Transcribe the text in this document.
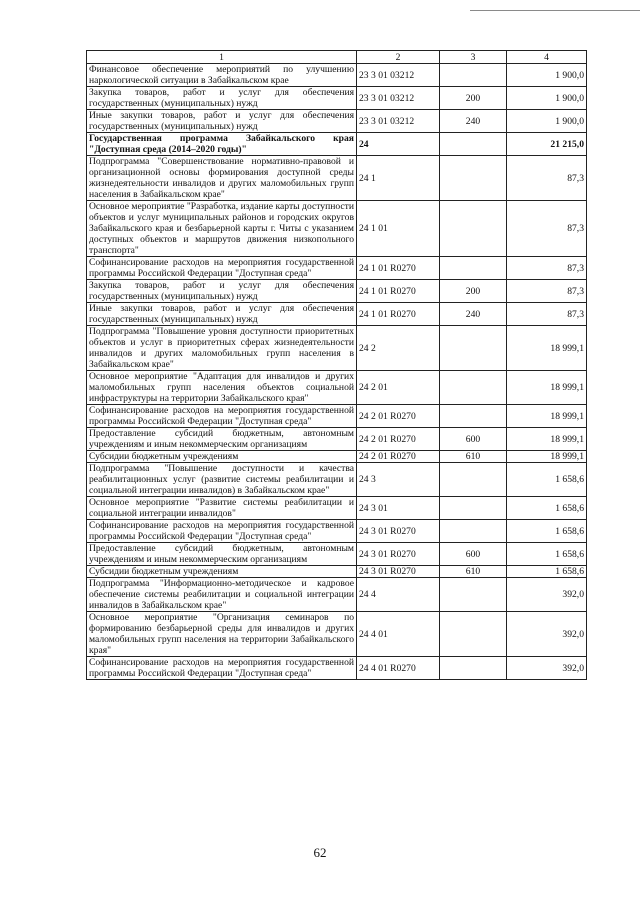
1	2	3	4
Финансовое обеспечение мероприятий по улучшению наркологической ситуации в Забайкальском крае	23 3 01 03212		1 900,0
Закупка товаров, работ и услуг для обеспечения государственных (муниципальных) нужд	23 3 01 03212	200	1 900,0
Иные закупки товаров, работ и услуг для обеспечения государственных (муниципальных) нужд	23 3 01 03212	240	1 900,0
Государственная программа Забайкальского края "Доступная среда (2014–2020 годы)"	24		21 215,0
Подпрограмма "Совершенствование нормативно-правовой и организационной основы формирования доступной среды жизнедеятельности инвалидов и других маломобильных групп населения в Забайкальском крае"	24 1		87,3
Основное мероприятие "Разработка, издание карты доступности объектов и услуг муниципальных районов и городских округов Забайкальского края и безбарьерной карты г. Читы с указанием доступных объектов и маршрутов движения низкопольного транспорта"	24 1 01		87,3
Софинансирование расходов на мероприятия государственной программы Российской Федерации "Доступная среда"	24 1 01 R0270		87,3
Закупка товаров, работ и услуг для обеспечения государственных (муниципальных) нужд	24 1 01 R0270	200	87,3
Иные закупки товаров, работ и услуг для обеспечения государственных (муниципальных) нужд	24 1 01 R0270	240	87,3
Подпрограмма "Повышение уровня доступности приоритетных объектов и услуг в приоритетных сферах жизнедеятельности инвалидов и других маломобильных групп населения в Забайкальском крае"	24 2		18 999,1
Основное мероприятие "Адаптация для инвалидов и других маломобильных групп населения объектов социальной инфраструктуры на территории Забайкальского края"	24 2 01		18 999,1
Софинансирование расходов на мероприятия государственной программы Российской Федерации "Доступная среда"	24 2 01 R0270		18 999,1
Предоставление субсидий бюджетным, автономным учреждениям и иным некоммерческим организациям	24 2 01 R0270	600	18 999,1
Субсидии бюджетным учреждениям	24 2 01 R0270	610	18 999,1
Подпрограмма "Повышение доступности и качества реабилитационных услуг (развитие системы реабилитации и социальной интеграции инвалидов) в Забайкальском крае"	24 3		1 658,6
Основное мероприятие "Развитие системы реабилитации и социальной интеграции инвалидов"	24 3 01		1 658,6
Софинансирование расходов на мероприятия государственной программы Российской Федерации "Доступная среда"	24 3 01 R0270		1 658,6
Предоставление субсидий бюджетным, автономным учреждениям и иным некоммерческим организациям	24 3 01 R0270	600	1 658,6
Субсидии бюджетным учреждениям	24 3 01 R0270	610	1 658,6
Подпрограмма "Информационно-методическое и кадровое обеспечение системы реабилитации и социальной интеграции инвалидов в Забайкальском крае"	24 4		392,0
Основное мероприятие "Организация семинаров по формированию безбарьерной среды для инвалидов и других маломобильных групп населения на территории Забайкальского края"	24 4 01		392,0
Софинансирование расходов на мероприятия государственной программы Российской Федерации "Доступная среда"	24 4 01 R0270		392,0
62
